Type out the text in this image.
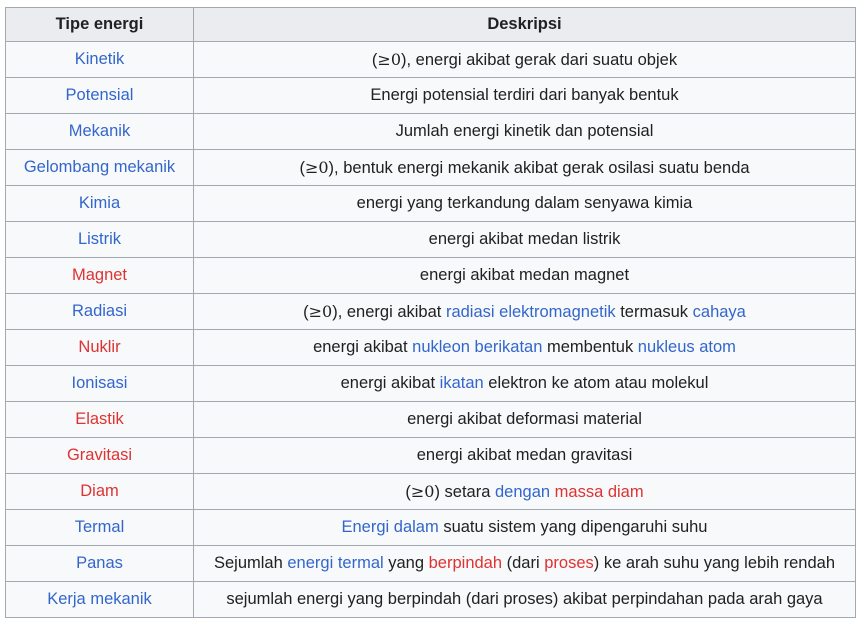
Tipe energi	Deskripsi
Kinetik	(≥0), energi akibat gerak dari suatu objek
Potensial	Energi potensial terdiri dari banyak bentuk
Mekanik	Jumlah energi kinetik dan potensial
Gelombang mekanik	(≥0), bentuk energi mekanik akibat gerak osilasi suatu benda
Kimia	energi yang terkandung dalam senyawa kimia
Listrik	energi akibat medan listrik
Magnet	energi akibat medan magnet
Radiasi	(≥0), energi akibat radiasi elektromagnetik termasuk cahaya
Nuklir	energi akibat nukleon berikatan membentuk nukleus atom
Ionisasi	energi akibat ikatan elektron ke atom atau molekul
Elastik	energi akibat deformasi material
Gravitasi	energi akibat medan gravitasi
Diam	(≥0) setara dengan massa diam
Termal	Energi dalam suatu sistem yang dipengaruhi suhu
Panas	Sejumlah energi termal yang berpindah (dari proses) ke arah suhu yang lebih rendah
Kerja mekanik	sejumlah energi yang berpindah (dari proses) akibat perpindahan pada arah gaya
